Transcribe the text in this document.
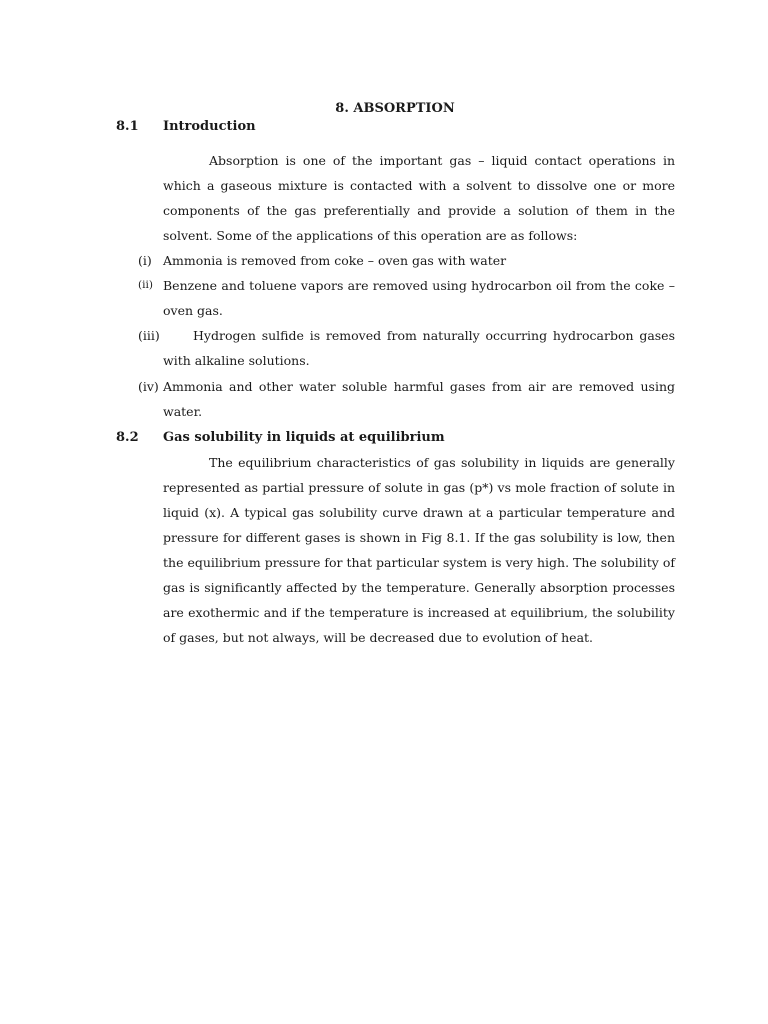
8. ABSORPTION
8.1 Introduction
Absorption is one of the important gas – liquid contact operations in which a gaseous mixture is contacted with a solvent to dissolve one or more components of the gas preferentially and provide a solution of them in the solvent. Some of the applications of this operation are as follows:
(i) Ammonia is removed from coke – oven gas with water
(ii) Benzene and toluene vapors are removed using hydrocarbon oil from the coke – oven gas.
(iii)	Hydrogen sulfide is removed from naturally occurring hydrocarbon gases with alkaline solutions.
(iv) Ammonia and other water soluble harmful gases from air are removed using water.
8.2 Gas solubility in liquids at equilibrium
The equilibrium characteristics of gas solubility in liquids are generally represented as partial pressure of solute in gas (p*) vs mole fraction of solute in liquid (x). A typical gas solubility curve drawn at a particular temperature and pressure for different gases is shown in Fig 8.1. If the gas solubility is low, then the equilibrium pressure for that particular system is very high. The solubility of gas is significantly affected by the temperature. Generally absorption processes are exothermic and if the temperature is increased at equilibrium, the solubility of gases, but not always, will be decreased due to evolution of heat.
